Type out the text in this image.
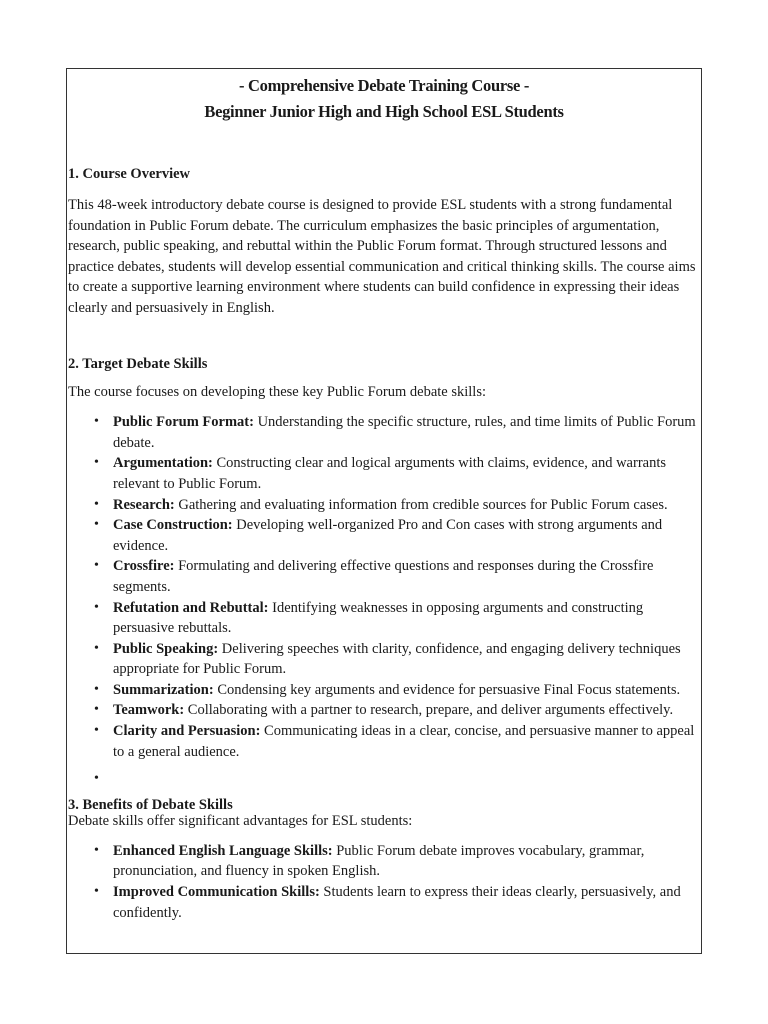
- Comprehensive Debate Training Course -

Beginner Junior High and High School ESL Students

1. Course Overview

This 48-week introductory debate course is designed to provide ESL students with a strong fundamental foundation in Public Forum debate. The curriculum emphasizes the basic principles of argumentation, research, public speaking, and rebuttal within the Public Forum format. Through structured lessons and practice debates, students will develop essential communication and critical thinking skills. The course aims to create a supportive learning environment where students can build confidence in expressing their ideas clearly and persuasively in English.

2. Target Debate Skills

The course focuses on developing these key Public Forum debate skills:

• Public Forum Format: Understanding the specific structure, rules, and time limits of Public Forum debate.
• Argumentation: Constructing clear and logical arguments with claims, evidence, and warrants relevant to Public Forum.
• Research: Gathering and evaluating information from credible sources for Public Forum cases.
• Case Construction: Developing well-organized Pro and Con cases with strong arguments and evidence.
• Crossfire: Formulating and delivering effective questions and responses during the Crossfire segments.
• Refutation and Rebuttal: Identifying weaknesses in opposing arguments and constructing persuasive rebuttals.
• Public Speaking: Delivering speeches with clarity, confidence, and engaging delivery techniques appropriate for Public Forum.
• Summarization: Condensing key arguments and evidence for persuasive Final Focus statements.
• Teamwork: Collaborating with a partner to research, prepare, and deliver arguments effectively.
• Clarity and Persuasion: Communicating ideas in a clear, concise, and persuasive manner to appeal to a general audience.
•

3. Benefits of Debate Skills

Debate skills offer significant advantages for ESL students:

• Enhanced English Language Skills: Public Forum debate improves vocabulary, grammar, pronunciation, and fluency in spoken English.
• Improved Communication Skills: Students learn to express their ideas clearly, persuasively, and confidently.
